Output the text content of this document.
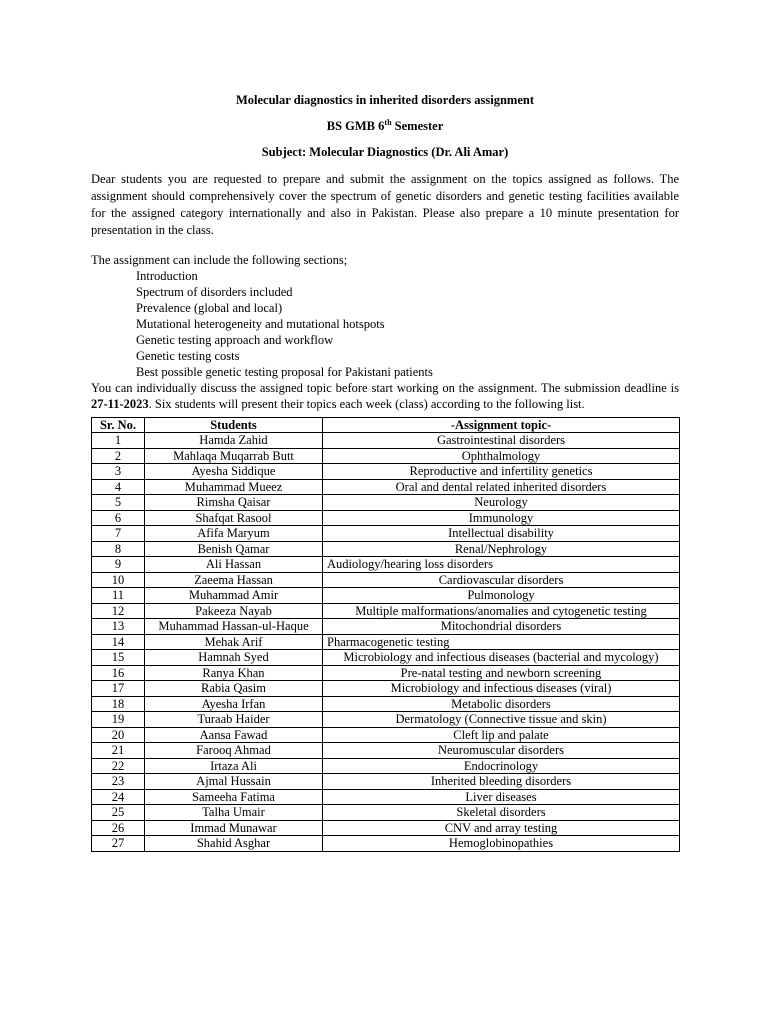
Molecular diagnostics in inherited disorders assignment

BS GMB 6th Semester

Subject: Molecular Diagnostics (Dr. Ali Amar)

Dear students you are requested to prepare and submit the assignment on the topics assigned as follows. The assignment should comprehensively cover the spectrum of genetic disorders and genetic testing facilities available for the assigned category internationally and also in Pakistan. Please also prepare a 10 minute presentation for presentation in the class.

The assignment can include the following sections;
Introduction
Spectrum of disorders included
Prevalence (global and local)
Mutational heterogeneity and mutational hotspots
Genetic testing approach and workflow
Genetic testing costs
Best possible genetic testing proposal for Pakistani patients
You can individually discuss the assigned topic before start working on the assignment. The submission deadline is 27-11-2023. Six students will present their topics each week (class) according to the following list.
Sr. No.	Students	-Assignment topic-
1	Hamda Zahid	Gastrointestinal disorders
2	Mahlaqa Muqarrab Butt	Ophthalmology
3	Ayesha Siddique	Reproductive and infertility genetics
4	Muhammad Mueez	Oral and dental related inherited disorders
5	Rimsha Qaisar	Neurology
6	Shafqat Rasool	Immunology
7	Afifa Maryum	Intellectual disability
8	Benish Qamar	Renal/Nephrology
9	Ali Hassan	Audiology/hearing loss disorders
10	Zaeema Hassan	Cardiovascular disorders
11	Muhammad Amir	Pulmonology
12	Pakeeza Nayab	Multiple malformations/anomalies and cytogenetic testing
13	Muhammad Hassan-ul-Haque	Mitochondrial disorders
14	Mehak Arif	Pharmacogenetic testing
15	Hamnah Syed	Microbiology and infectious diseases (bacterial and mycology)
16	Ranya Khan	Pre-natal testing and newborn screening
17	Rabia Qasim	Microbiology and infectious diseases (viral)
18	Ayesha Irfan	Metabolic disorders
19	Turaab Haider	Dermatology (Connective tissue and skin)
20	Aansa Fawad	Cleft lip and palate
21	Farooq Ahmad	Neuromuscular disorders
22	Irtaza Ali	Endocrinology
23	Ajmal Hussain	Inherited bleeding disorders
24	Sameeha Fatima	Liver diseases
25	Talha Umair	Skeletal disorders
26	Immad Munawar	CNV and array testing
27	Shahid Asghar	Hemoglobinopathies
